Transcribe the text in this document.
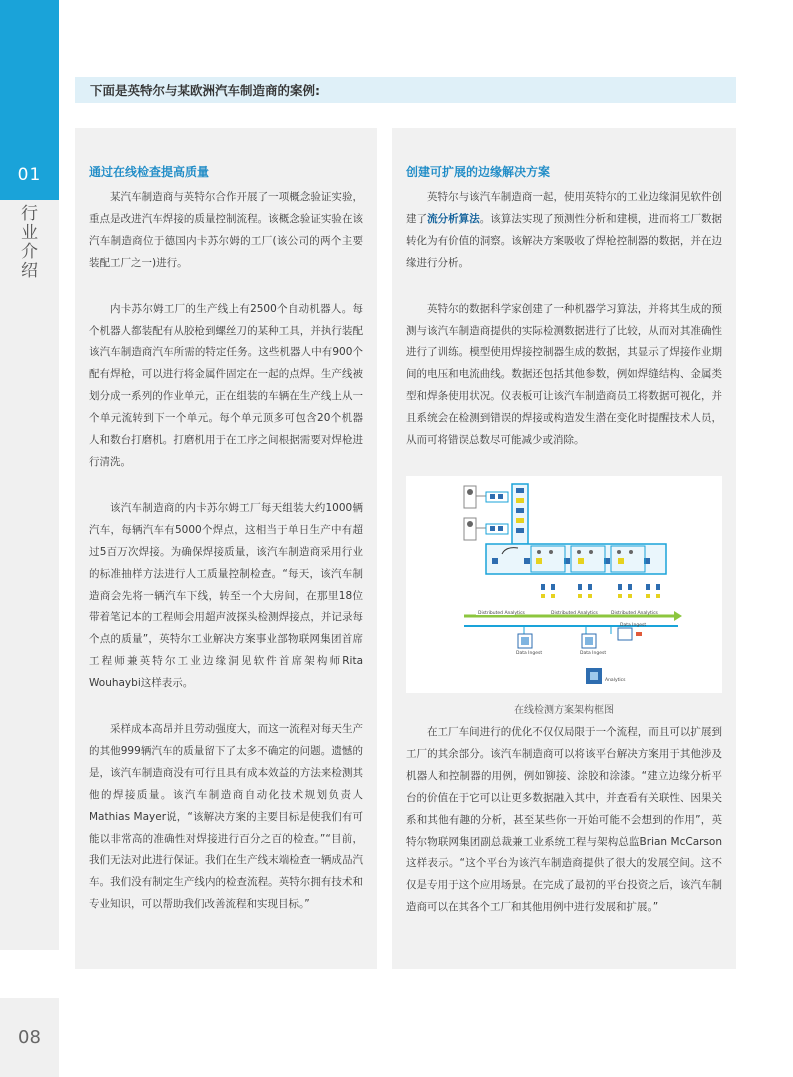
01
行
业
介
绍
08
下面是英特尔与某欧洲汽车制造商的案例:
通过在线检查提高质量

某汽车制造商与英特尔合作开展了一项概念验证实验，重点是改进汽车焊接的质量控制流程。该概念验证实验在该汽车制造商位于德国内卡苏尔姆的工厂(该公司的两个主要装配工厂之一)进行。

内卡苏尔姆工厂的生产线上有2500个自动机器人。每个机器人都装配有从胶枪到螺丝刀的某种工具，并执行装配该汽车制造商汽车所需的特定任务。这些机器人中有900个配有焊枪，可以进行将金属件固定在一起的点焊。生产线被划分成一系列的作业单元，正在组装的车辆在生产线上从一个单元流转到下一个单元。每个单元顶多可包含20个机器人和数台打磨机。打磨机用于在工序之间根据需要对焊枪进行清洗。

该汽车制造商的内卡苏尔姆工厂每天组装大约1000辆汽车，每辆汽车有5000个焊点，这相当于单日生产中有超过5百万次焊接。为确保焊接质量，该汽车制造商采用行业的标准抽样方法进行人工质量控制检查。“每天，该汽车制造商会先将一辆汽车下线，转至一个大房间，在那里18位带着笔记本的工程师会用超声波探头检测焊接点，并记录每个点的质量”，英特尔工业解决方案事业部物联网集团首席工程师兼英特尔工业边缘洞见软件首席架构师Rita Wouhaybi这样表示。

采样成本高昂并且劳动强度大，而这一流程对每天生产的其他999辆汽车的质量留下了太多不确定的问题。遗憾的是，该汽车制造商没有可行且具有成本效益的方法来检测其他的焊接质量。该汽车制造商自动化技术规划负责人Mathias Mayer说，“该解决方案的主要目标是使我们有可能以非常高的准确性对焊接进行百分之百的检查。”“目前，我们无法对此进行保证。我们在生产线末端检查一辆成品汽车。我们没有制定生产线内的检查流程。英特尔拥有技术和专业知识，可以帮助我们改善流程和实现目标。”

创建可扩展的边缘解决方案

英特尔与该汽车制造商一起，使用英特尔的工业边缘洞见软件创建了流分析算法。该算法实现了预测性分析和建模，进而将工厂数据转化为有价值的洞察。该解决方案吸收了焊枪控制器的数据，并在边缘进行分析。

英特尔的数据科学家创建了一种机器学习算法，并将其生成的预测与该汽车制造商提供的实际检测数据进行了比较，从而对其准确性进行了训练。模型使用焊接控制器生成的数据，其显示了焊接作业期间的电压和电流曲线。数据还包括其他参数，例如焊缝结构、金属类型和焊条使用状况。仪表板可让该汽车制造商员工将数据可视化，并且系统会在检测到错误的焊接或构造发生潜在变化时提醒技术人员，从而可将错误总数尽可能减少或消除。

Distributed Analytics	Distributed Analytics	Distributed Analytics
Data Ingest	Data Ingest
Data Ingest
Analytics
在线检测方案架构框图

在工厂车间进行的优化不仅仅局限于一个流程，而且可以扩展到工厂的其余部分。该汽车制造商可以将该平台解决方案用于其他涉及机器人和控制器的用例，例如铆接、涂胶和涂漆。“建立边缘分析平台的价值在于它可以让更多数据融入其中，并查看有关联性、因果关系和其他有趣的分析，甚至某些你一开始可能不会想到的作用”，英特尔物联网集团副总裁兼工业系统工程与架构总监Brian McCarson这样表示。“这个平台为该汽车制造商提供了很大的发展空间。这不仅是专用于这个应用场景。在完成了最初的平台投资之后，该汽车制造商可以在其各个工厂和其他用例中进行发展和扩展。”
